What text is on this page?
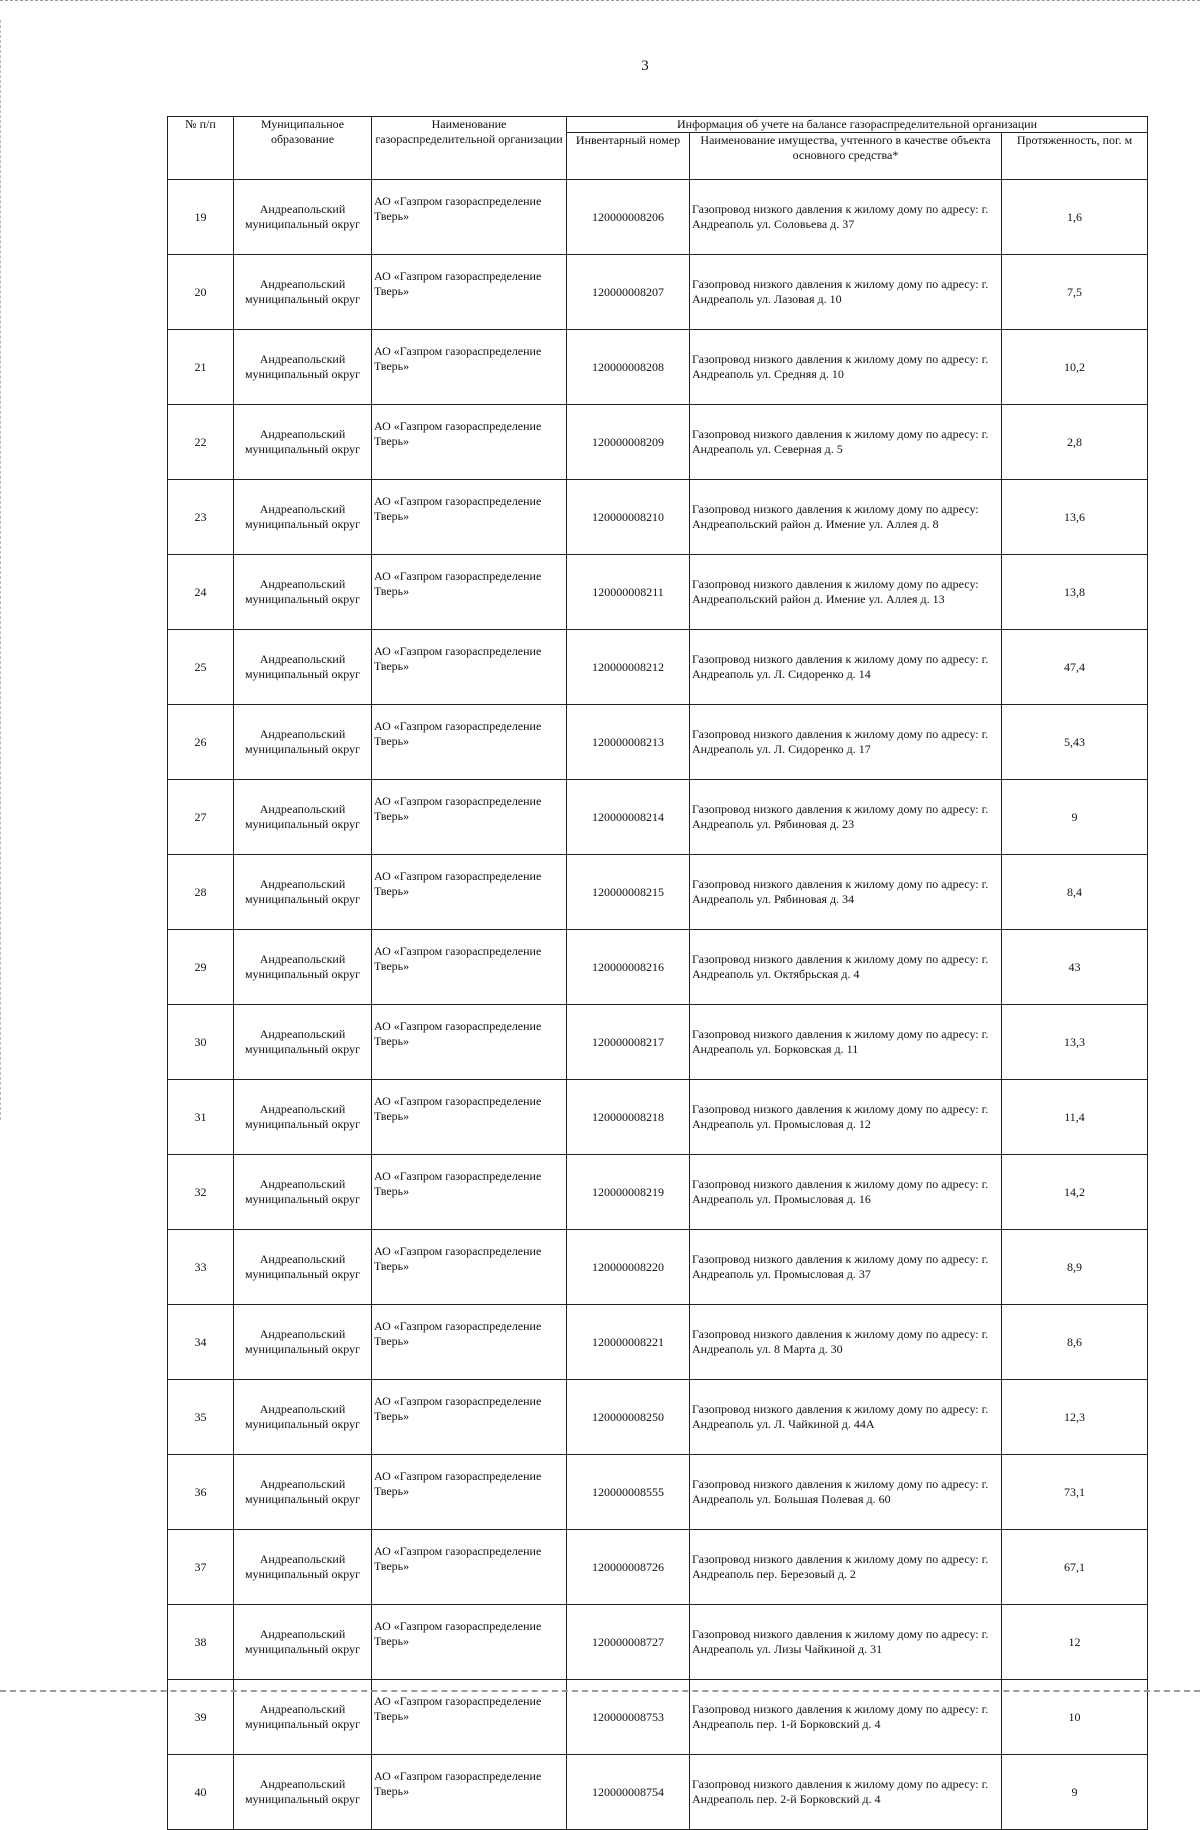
3
№ п/п	Муниципальное образование	Наименование газораспределительной организации	Информация об учете на балансе газораспределительной организации		
			Инвентарный номер	Наименование имущества, учтенного в качестве объекта основного средства*	Протяженность, пог. м
19	Андреапольский муниципальный округ	АО «Газпром газораспределение Тверь»	120000008206	Газопровод низкого давления к жилому дому по адресу: г. Андреаполь ул. Соловьева д. 37	1,6
20	Андреапольский муниципальный округ	АО «Газпром газораспределение Тверь»	120000008207	Газопровод низкого давления к жилому дому по адресу: г. Андреаполь ул. Лазовая д. 10	7,5
21	Андреапольский муниципальный округ	АО «Газпром газораспределение Тверь»	120000008208	Газопровод низкого давления к жилому дому по адресу: г. Андреаполь ул. Средняя д. 10	10,2
22	Андреапольский муниципальный округ	АО «Газпром газораспределение Тверь»	120000008209	Газопровод низкого давления к жилому дому по адресу: г. Андреаполь ул. Северная д. 5	2,8
23	Андреапольский муниципальный округ	АО «Газпром газораспределение Тверь»	120000008210	Газопровод низкого давления к жилому дому по адресу: Андреапольский район д. Имение ул. Аллея д. 8	13,6
24	Андреапольский муниципальный округ	АО «Газпром газораспределение Тверь»	120000008211	Газопровод низкого давления к жилому дому по адресу: Андреапольский район д. Имение ул. Аллея д. 13	13,8
25	Андреапольский муниципальный округ	АО «Газпром газораспределение Тверь»	120000008212	Газопровод низкого давления к жилому дому по адресу: г. Андреаполь ул. Л. Сидоренко д. 14	47,4
26	Андреапольский муниципальный округ	АО «Газпром газораспределение Тверь»	120000008213	Газопровод низкого давления к жилому дому по адресу: г. Андреаполь ул. Л. Сидоренко д. 17	5,43
27	Андреапольский муниципальный округ	АО «Газпром газораспределение Тверь»	120000008214	Газопровод низкого давления к жилому дому по адресу: г. Андреаполь ул. Рябиновая д. 23	9
28	Андреапольский муниципальный округ	АО «Газпром газораспределение Тверь»	120000008215	Газопровод низкого давления к жилому дому по адресу: г. Андреаполь ул. Рябиновая д. 34	8,4
29	Андреапольский муниципальный округ	АО «Газпром газораспределение Тверь»	120000008216	Газопровод низкого давления к жилому дому по адресу: г. Андреаполь ул. Октябрьская д. 4	43
30	Андреапольский муниципальный округ	АО «Газпром газораспределение Тверь»	120000008217	Газопровод низкого давления к жилому дому по адресу: г. Андреаполь ул. Борковская д. 11	13,3
31	Андреапольский муниципальный округ	АО «Газпром газораспределение Тверь»	120000008218	Газопровод низкого давления к жилому дому по адресу: г. Андреаполь ул. Промысловая д. 12	11,4
32	Андреапольский муниципальный округ	АО «Газпром газораспределение Тверь»	120000008219	Газопровод низкого давления к жилому дому по адресу: г. Андреаполь ул. Промысловая д. 16	14,2
33	Андреапольский муниципальный округ	АО «Газпром газораспределение Тверь»	120000008220	Газопровод низкого давления к жилому дому по адресу: г. Андреаполь ул. Промысловая д. 37	8,9
34	Андреапольский муниципальный округ	АО «Газпром газораспределение Тверь»	120000008221	Газопровод низкого давления к жилому дому по адресу: г. Андреаполь ул. 8 Марта д. 30	8,6
35	Андреапольский муниципальный округ	АО «Газпром газораспределение Тверь»	120000008250	Газопровод низкого давления к жилому дому по адресу: г. Андреаполь ул. Л. Чайкиной д. 44А	12,3
36	Андреапольский муниципальный округ	АО «Газпром газораспределение Тверь»	120000008555	Газопровод низкого давления к жилому дому по адресу: г. Андреаполь ул. Большая Полевая д. 60	73,1
37	Андреапольский муниципальный округ	АО «Газпром газораспределение Тверь»	120000008726	Газопровод низкого давления к жилому дому по адресу: г. Андреаполь пер. Березовый д. 2	67,1
38	Андреапольский муниципальный округ	АО «Газпром газораспределение Тверь»	120000008727	Газопровод низкого давления к жилому дому по адресу: г. Андреаполь ул. Лизы Чайкиной д. 31	12
39	Андреапольский муниципальный округ	АО «Газпром газораспределение Тверь»	120000008753	Газопровод низкого давления к жилому дому по адресу: г. Андреаполь пер. 1-й Борковский д. 4	10
40	Андреапольский муниципальный округ	АО «Газпром газораспределение Тверь»	120000008754	Газопровод низкого давления к жилому дому по адресу: г. Андреаполь пер. 2-й Борковский д. 4	9
